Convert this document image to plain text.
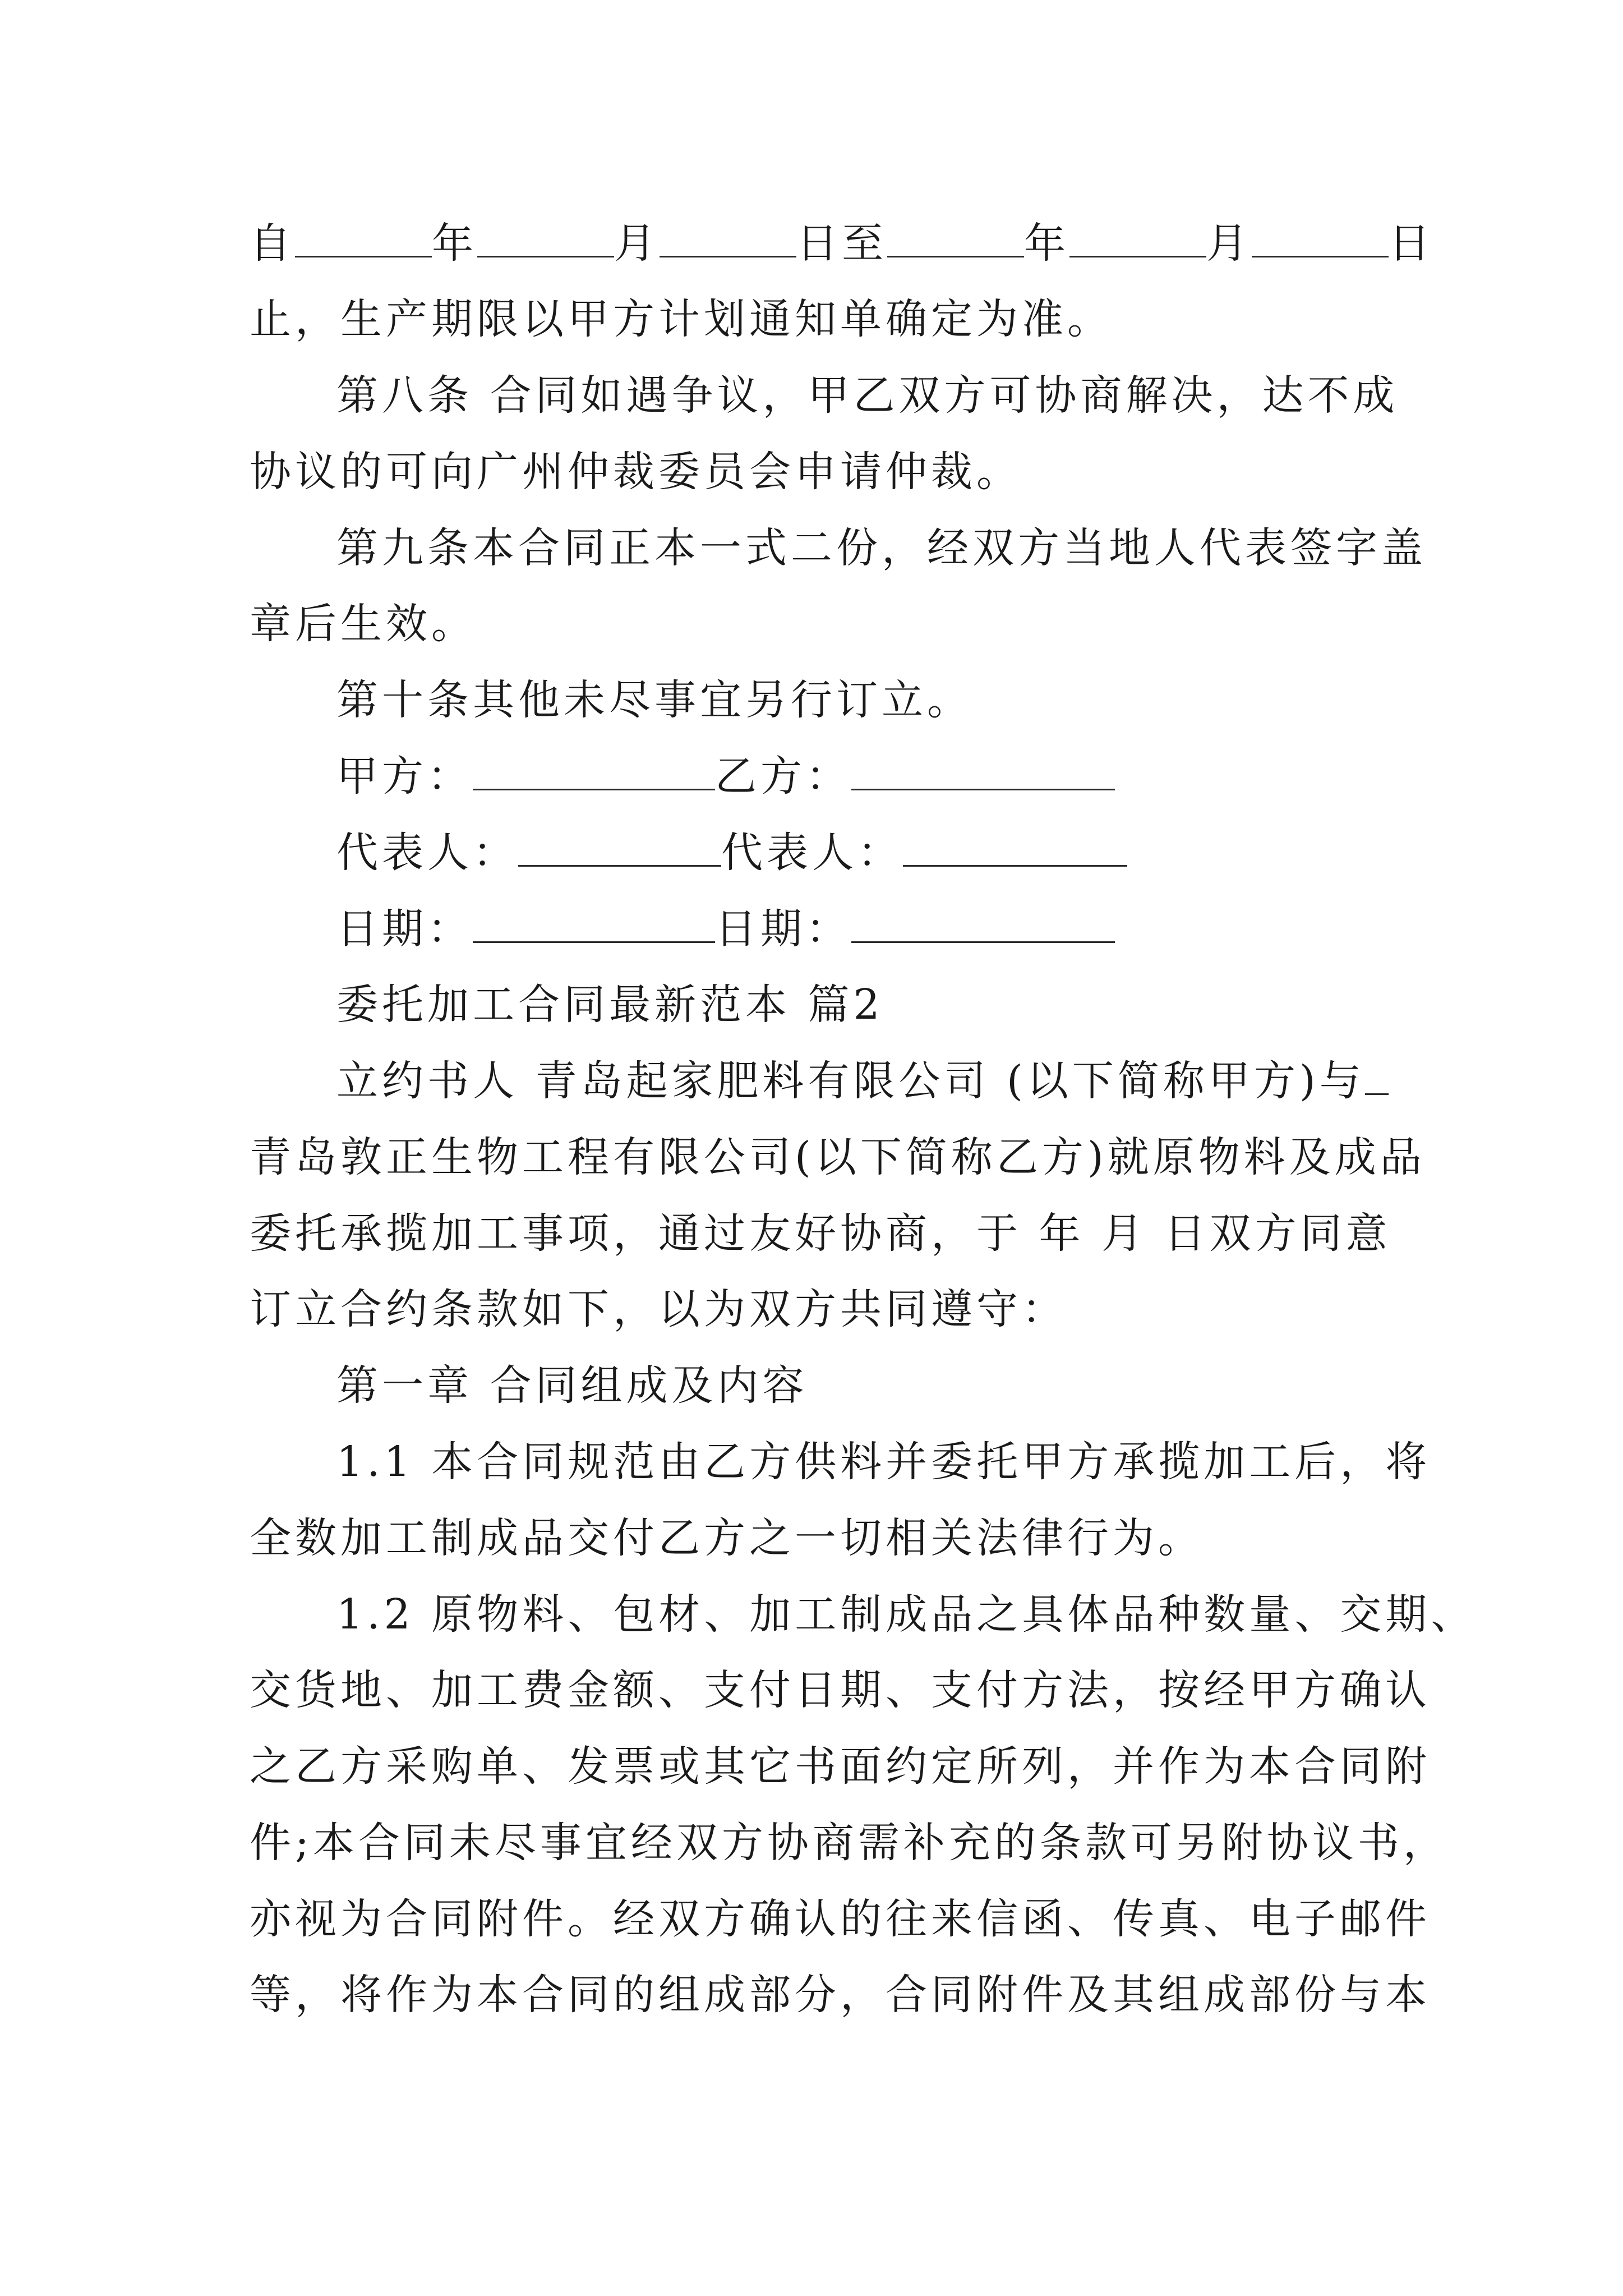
自	年	月	日至	年	月	日
止，生产期限以甲方计划通知单确定为准。
第八条 合同如遇争议，甲乙双方可协商解决，达不成
协议的可向广州仲裁委员会申请仲裁。
第九条本合同正本一式二份，经双方当地人代表签字盖
章后生效。
第十条其他未尽事宜另行订立。
甲方：	乙方：
代表人：	代表人：
日期：	日期：
委托加工合同最新范本 篇2
立约书人 青岛起家肥料有限公司 (以下简称甲方)与
青岛敦正生物工程有限公司(以下简称乙方)就原物料及成品
委托承揽加工事项，通过友好协商，于 年 月 日双方同意
订立合约条款如下，以为双方共同遵守：
第一章 合同组成及内容
1.1 本合同规范由乙方供料并委托甲方承揽加工后，将
全数加工制成品交付乙方之一切相关法律行为。
1.2 原物料、包材、加工制成品之具体品种数量、交期、
交货地、加工费金额、支付日期、支付方法，按经甲方确认
之乙方采购单、发票或其它书面约定所列，并作为本合同附
件;本合同未尽事宜经双方协商需补充的条款可另附协议书，
亦视为合同附件。经双方确认的往来信函、传真、电子邮件
等，将作为本合同的组成部分，合同附件及其组成部份与本
